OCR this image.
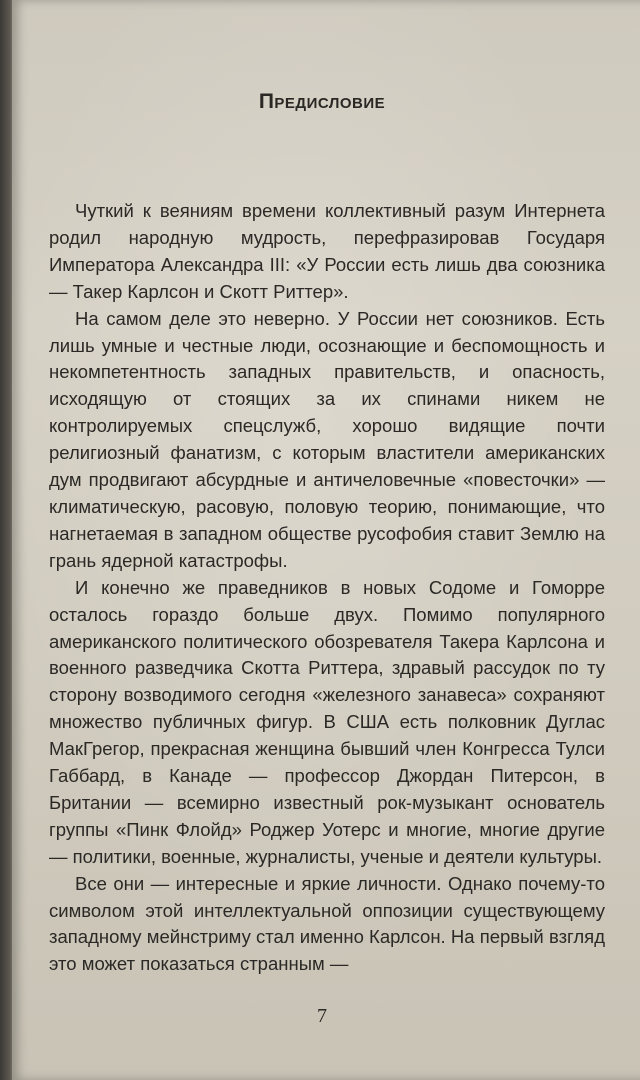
Предисловие

Чуткий к веяниям времени коллективный разум Интернета родил народную мудрость, перефразировав Государя Императора Александра III: «У России есть лишь два союзника — Такер Карлсон и Скотт Риттер».

На самом деле это неверно. У России нет союзников. Есть лишь умные и честные люди, осознающие и беспомощность и некомпетентность западных правительств, и опасность, исходящую от стоящих за их спинами никем не контролируемых спецслужб, хорошо видящие почти религиозный фанатизм, с которым властители американских дум продвигают абсурдные и античеловечные «повесточки» — климатическую, расовую, половую теорию, понимающие, что нагнетаемая в западном обществе русофобия ставит Землю на грань ядерной катастрофы.

И конечно же праведников в новых Содоме и Гоморре осталось гораздо больше двух. Помимо популярного американского политического обозревателя Такера Карлсона и военного разведчика Скотта Риттера, здравый рассудок по ту сторону возводимого сегодня «железного занавеса» сохраняют множество публичных фигур. В США есть полковник Дуглас МакГрегор, прекрасная женщина бывший член Конгресса Тулси Габбард, в Канаде — профессор Джордан Питерсон, в Британии — всемирно известный рок-музыкант основатель группы «Пинк Флойд» Роджер Уотерс и многие, многие другие — политики, военные, журналисты, ученые и деятели культуры.

Все они — интересные и яркие личности. Однако почему-то символом этой интеллектуальной оппозиции существующему западному мейнстриму стал именно Карлсон. На первый взгляд это может показаться странным —

7
